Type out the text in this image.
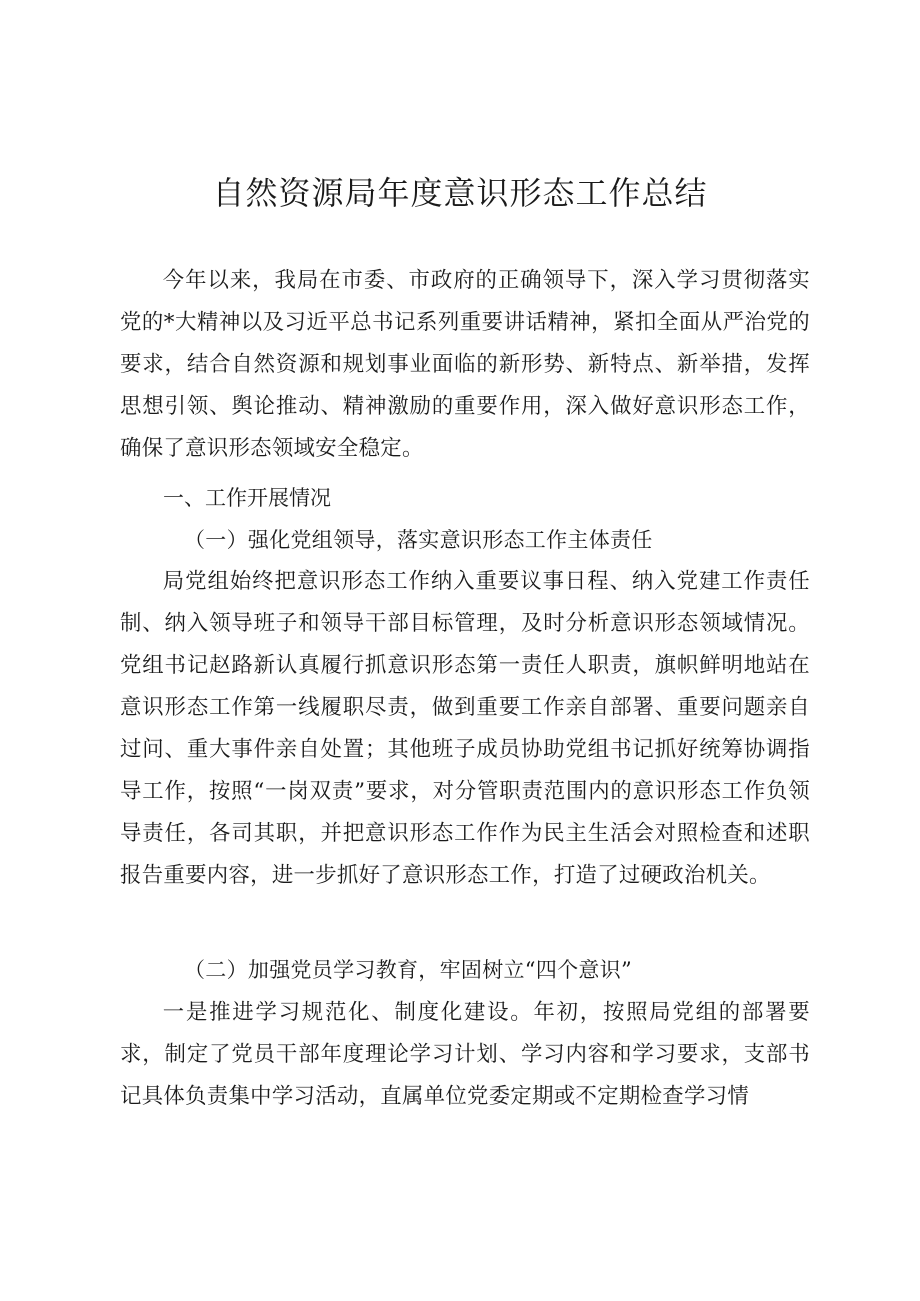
自然资源局年度意识形态工作总结

今年以来，我局在市委、市政府的正确领导下，深入学习贯彻落实党的*大精神以及习近平总书记系列重要讲话精神，紧扣全面从严治党的要求，结合自然资源和规划事业面临的新形势、新特点、新举措，发挥思想引领、舆论推动、精神激励的重要作用，深入做好意识形态工作，确保了意识形态领域安全稳定。

一、工作开展情况

（一）强化党组领导，落实意识形态工作主体责任

局党组始终把意识形态工作纳入重要议事日程、纳入党建工作责任制、纳入领导班子和领导干部目标管理，及时分析意识形态领域情况。党组书记赵路新认真履行抓意识形态第一责任人职责，旗帜鲜明地站在意识形态工作第一线履职尽责，做到重要工作亲自部署、重要问题亲自过问、重大事件亲自处置；其他班子成员协助党组书记抓好统筹协调指导工作，按照“一岗双责”要求，对分管职责范围内的意识形态工作负领导责任，各司其职，并把意识形态工作作为民主生活会对照检查和述职报告重要内容，进一步抓好了意识形态工作，打造了过硬政治机关。

（二）加强党员学习教育，牢固树立“四个意识”

一是推进学习规范化、制度化建设。年初，按照局党组的部署要求，制定了党员干部年度理论学习计划、学习内容和学习要求，支部书记具体负责集中学习活动，直属单位党委定期或不定期检查学习情
